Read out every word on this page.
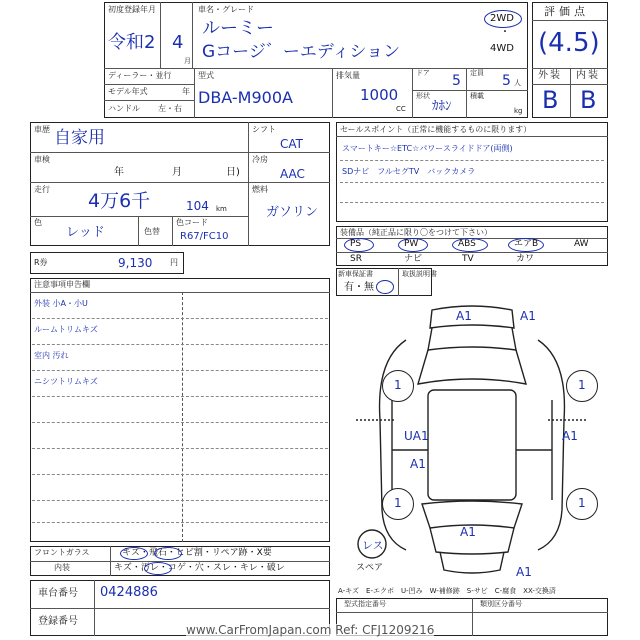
初度登録年月
令和2 4
月
車名・グレード
ルーミー
Gコージ゛ーエディション
2WD
・
4WD
ディーラー・並行
モデル年式	年
ハンドル 左・右
型式
DBA-M900A
排気量
1000
CC
ドア 5 定員 5 人
形状
ｶﾎﾝ
積載
kg
評価点
(4.5)
外装 内装
B B
車歴 自家用
車検
年	月	日)
走行
4万6千	104 km
色
レッド	色替
色コード
R67/FC10
シフト
CAT
冷房
AAC
燃料
ガソリン
セールスポイント（正常に機能するものに限ります）
スマートキー☆ETC☆パワースライドドア(両側)
SDナビ　フルセグTV　バックカメラ
装備品（純正品に限り〇をつけて下さい）
PS	PW	ABS	エアB	AW
SR	ナビ	TV	カワ
新車保証書
有・無
取扱説明書
R券	9,130 円
注意事項申告欄
外装 小A・小U
ルームトリムキズ
室内 汚れ
ニシツトリムキズ
フロントガラス	キズ・飛石・ヒビ割・リペア跡・X要
内装	キズ・汚レ・コゲ・穴・スレ・キレ・破レ
車台番号 0424886
登録番号
A1	A1
1	1
UA1
A1
A1
1	1
A1
A1
レス
スペア
A-キズ　E-エクボ　U-凹み　W-補修跡　S-サビ　C-腐食　XX-交換済
型式指定番号	類別区分番号
www.CarFromJapan.com Ref: CFJ1209216
